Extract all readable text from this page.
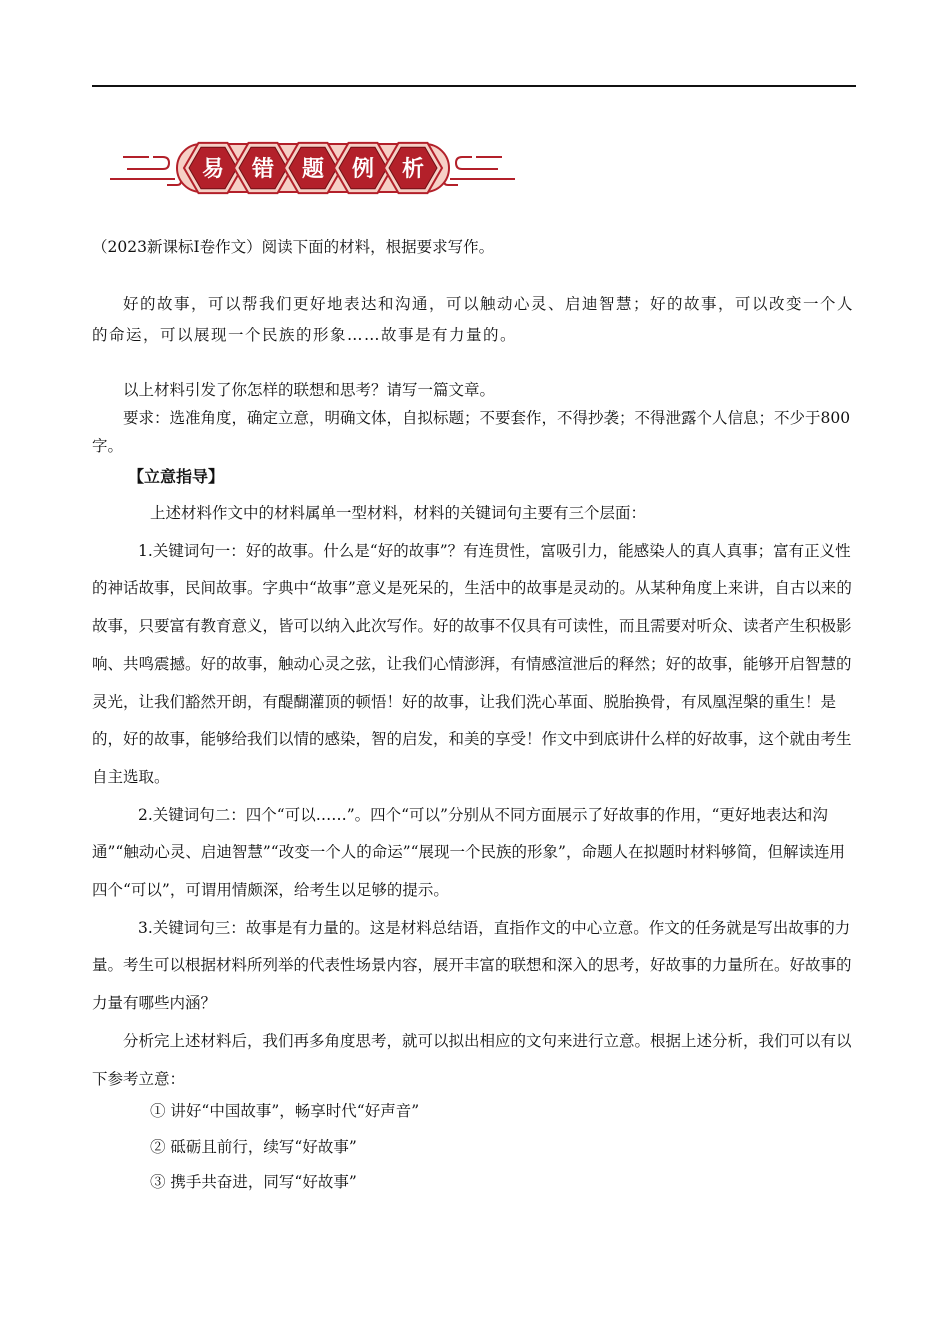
易 错 题 例 析

（2023新课标Ⅰ卷作文）阅读下面的材料，根据要求写作。

好的故事，可以帮我们更好地表达和沟通，可以触动心灵、启迪智慧；好的故事，可以改变一个人的命运，可以展现一个民族的形象……故事是有力量的。

以上材料引发了你怎样的联想和思考？请写一篇文章。

要求：选准角度，确定立意，明确文体，自拟标题；不要套作，不得抄袭；不得泄露个人信息；不少于800字。

【立意指导】

上述材料作文中的材料属单一型材料，材料的关键词句主要有三个层面：

1.关键词句一：好的故事。什么是“好的故事”？有连贯性，富吸引力，能感染人的真人真事；富有正义性的神话故事，民间故事。字典中“故事”意义是死呆的，生活中的故事是灵动的。从某种角度上来讲，自古以来的故事，只要富有教育意义，皆可以纳入此次写作。好的故事不仅具有可读性，而且需要对听众、读者产生积极影响、共鸣震撼。好的故事，触动心灵之弦，让我们心情澎湃，有情感渲泄后的释然；好的故事，能够开启智慧的灵光，让我们豁然开朗，有醍醐灌顶的顿悟！好的故事，让我们洗心革面、脱胎换骨，有凤凰涅槃的重生！是的，好的故事，能够给我们以情的感染，智的启发，和美的享受！作文中到底讲什么样的好故事，这个就由考生自主选取。

2.关键词句二：四个“可以……”。四个“可以”分别从不同方面展示了好故事的作用，“更好地表达和沟通”“触动心灵、启迪智慧”“改变一个人的命运”“展现一个民族的形象”，命题人在拟题时材料够简，但解读连用四个“可以”，可谓用情颇深，给考生以足够的提示。

3.关键词句三：故事是有力量的。这是材料总结语，直指作文的中心立意。作文的任务就是写出故事的力量。考生可以根据材料所列举的代表性场景内容，展开丰富的联想和深入的思考，好故事的力量所在。好故事的力量有哪些内涵？

分析完上述材料后，我们再多角度思考，就可以拟出相应的文句来进行立意。根据上述分析，我们可以有以下参考立意：

① 讲好“中国故事”，畅享时代“好声音”
② 砥砺且前行，续写“好故事”
③ 携手共奋进，同写“好故事”
